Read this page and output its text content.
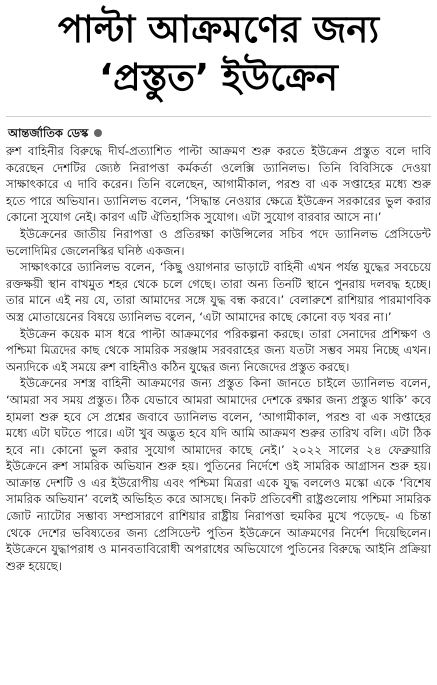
পাল্টা আক্রমণের জন্য
‘প্রস্তুত’ ইউক্রেন
আন্তর্জাতিক ডেস্ক

রুশ বাহিনীর বিরুদ্ধে দীর্ঘ-প্রত্যাশিত পাল্টা আক্রমণ শুরু করতে ইউক্রেন প্রস্তুত বলে দাবি করেছেন দেশটির জ্যেষ্ঠ নিরাপত্তা কর্মকর্তা ওলেক্সি ড্যানিলভ। তিনি বিবিসিকে দেওয়া সাক্ষাৎকারে এ দাবি করেন। তিনি বলেছেন, আগামীকাল, পরশু বা এক সপ্তাহের মধ্যে শুরু হতে পারে অভিযান। ড্যানিলভ বলেন, ‘সিদ্ধান্ত নেওয়ার ক্ষেত্রে ইউক্রেন সরকারের ভুল করার কোনো সুযোগ নেই। কারণ এটি ঐতিহাসিক সুযোগ। এটা সুযোগ বারবার আসে না।’

ইউক্রেনের জাতীয় নিরাপত্তা ও প্রতিরক্ষা কাউন্সিলের সচিব পদে ড্যানিলভ প্রেসিডেন্ট ভলোদিমির জেলেনস্কির ঘনিষ্ঠ একজন।

সাক্ষাৎকারে ড্যানিলভ বলেন, ‘কিছু ওয়াগনার ভাড়াটে বাহিনী এখন পর্যন্ত যুদ্ধের সবচেয়ে রক্তক্ষয়ী স্থান বাখমুত শহর থেকে চলে গেছে। তারা অন্য তিনটি স্থানে পুনরায় দলবদ্ধ হচ্ছে। তার মানে এই নয় যে, তারা আমাদের সঙ্গে যুদ্ধ বন্ধ করবে।’ বেলারুশে রাশিয়ার পারমাণবিক অস্ত্র মোতায়েনের বিষয়ে ড্যানিলভ বলেন, ‘এটা আমাদের কাছে কোনো বড় খবর না।’

ইউক্রেন কয়েক মাস ধরে পাল্টা আক্রমণের পরিকল্পনা করছে। তারা সেনাদের প্রশিক্ষণ ও পশ্চিমা মিত্রদের কাছ থেকে সামরিক সরঞ্জাম সরবরাহের জন্য যতটা সম্ভব সময় নিচ্ছে এখন। অন্যদিকে এই সময়ে রুশ বাহিনীও কঠিন যুদ্ধের জন্য নিজেদের প্রস্তুত করছে।

ইউক্রেনের সশস্ত্র বাহিনী আক্রমণের জন্য প্রস্তুত কিনা জানতে চাইলে ড্যানিলভ বলেন, ‘আমরা সব সময় প্রস্তুত। ঠিক যেভাবে আমরা আমাদের দেশকে রক্ষার জন্য প্রস্তুত থাকি’ কবে হামলা শুরু হবে সে প্রশ্নের জবাবে ড্যানিলভ বলেন, ‘আগামীকাল, পরশু বা এক সপ্তাহের মধ্যে এটা ঘটতে পারে। এটা খুব অদ্ভুত হবে যদি আমি আক্রমণ শুরুর তারিখ বলি। এটা ঠিক হবে না। কোনো ভুল করার সুযোগ আমাদের কাছে নেই।’ ২০২২ সালের ২৪ ফেব্রুয়ারি ইউক্রেনে রুশ সামরিক অভিযান শুরু হয়। পুতিনের নির্দেশে ওই সামরিক আগ্রাসন শুরু হয়। আক্রান্ত দেশটি ও এর ইউরোপীয় এবং পশ্চিমা মিত্ররা একে যুদ্ধ বললেও মস্কো একে ‘বিশেষ সামরিক অভিযান’ বলেই অভিহিত করে আসছে। নিকট প্রতিবেশী রাষ্ট্রগুলোয় পশ্চিমা সামরিক জোট ন্যাটোর সম্ভাব্য সম্প্রসারণে রাশিয়ার রাষ্ট্রীয় নিরাপত্তা হুমকির মুখে পড়েছে- এ চিন্তা থেকে দেশের ভবিষ্যতের জন্য প্রেসিডেন্ট পুতিন ইউক্রেনে আক্রমণের নির্দেশ দিয়েছিলেন। ইউক্রেনে যুদ্ধাপরাধ ও মানবতাবিরোধী অপরাধের অভিযোগে পুতিনের বিরুদ্ধে আইনি প্রক্রিয়া শুরু হয়েছে।
